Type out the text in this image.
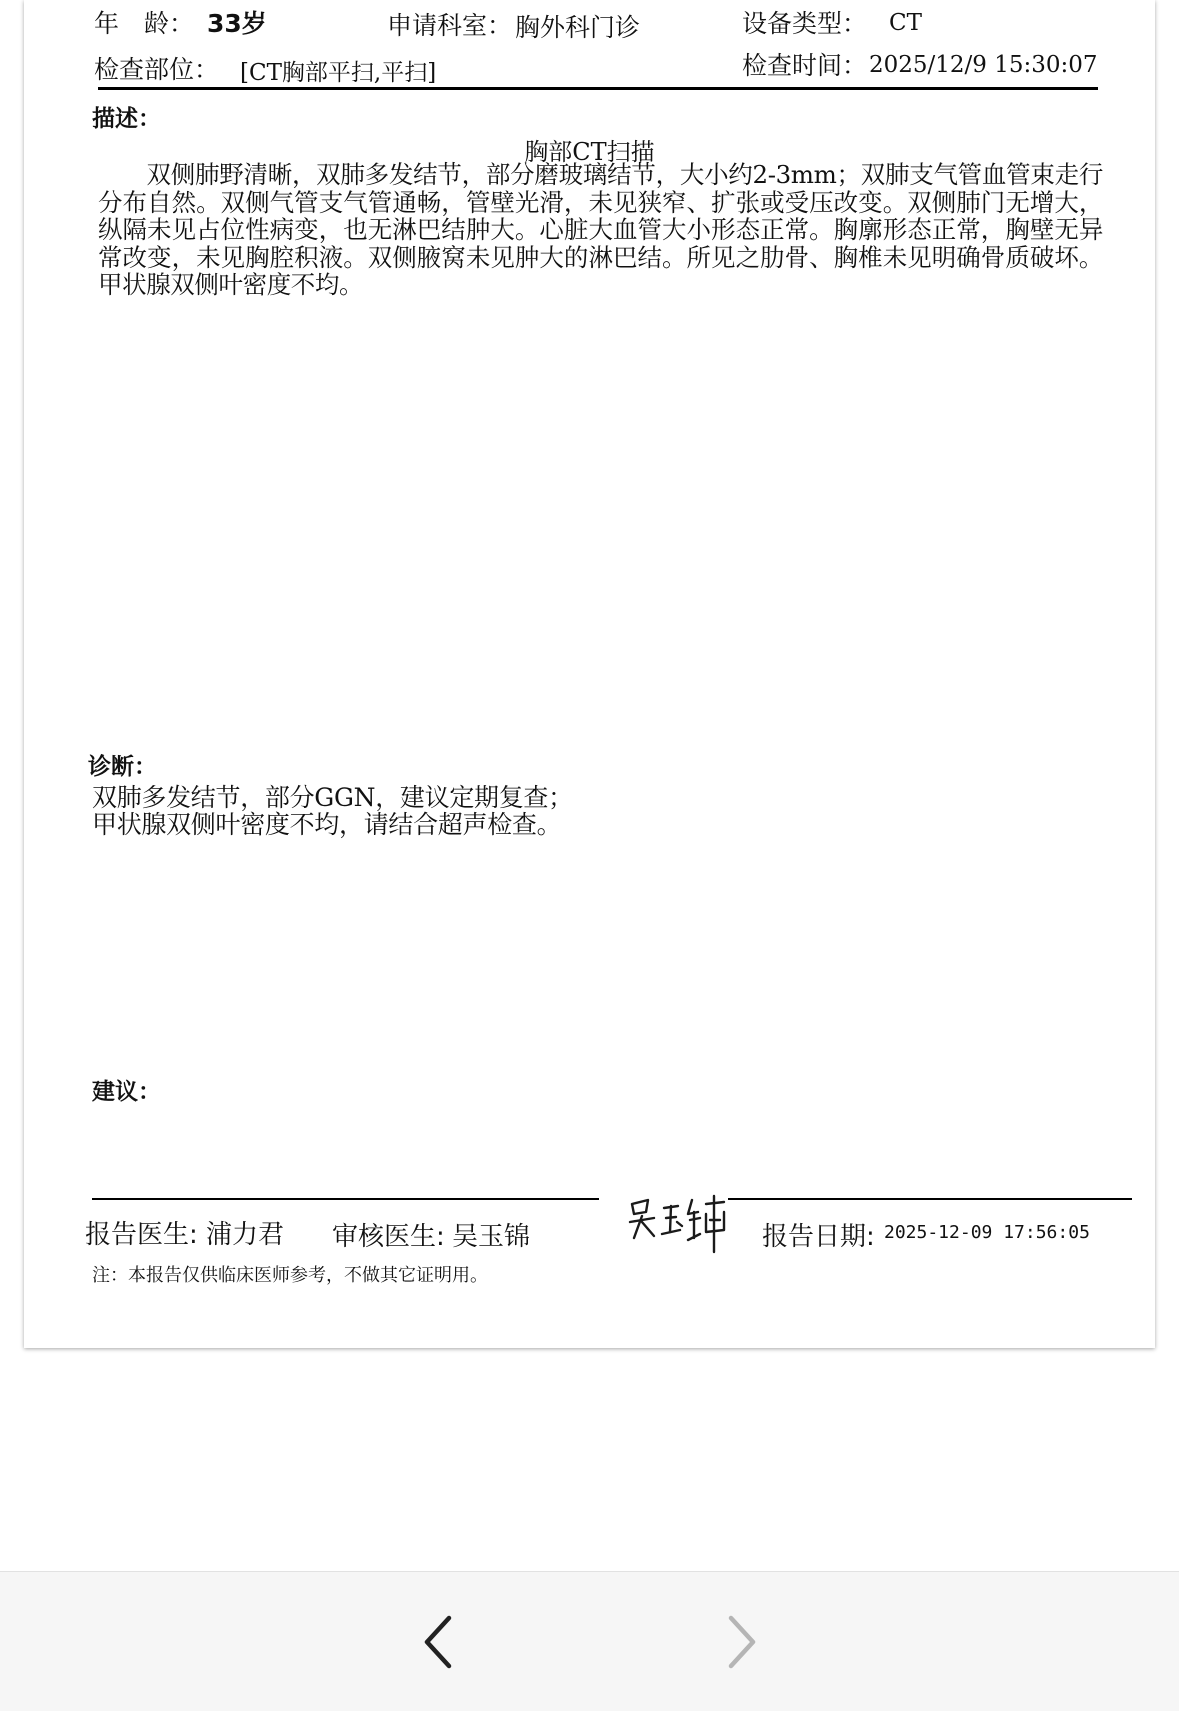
年　龄： 33岁	申请科室： 胸外科门诊	设备类型： CT
检查部位： [CT胸部平扫,平扫]	检查时间： 2025/12/9 15:30:07
描述：
胸部CT扫描
　　双侧肺野清晰，双肺多发结节，部分磨玻璃结节，大小约2-3mm；双肺支气管血管束走行分布自然。双侧气管支气管通畅，管壁光滑，未见狭窄、扩张或受压改变。双侧肺门无增大，纵隔未见占位性病变，也无淋巴结肿大。心脏大血管大小形态正常。胸廓形态正常，胸壁无异常改变，未见胸腔积液。双侧腋窝未见肿大的淋巴结。所见之肋骨、胸椎未见明确骨质破坏。甲状腺双侧叶密度不均。
诊断：
双肺多发结节，部分GGN，建议定期复查；
甲状腺双侧叶密度不均，请结合超声检查。
建议：
报告医生: 浦力君 审核医生: 吴玉锦	报告日期: 2025-12-09 17:56:05
注：本报告仅供临床医师参考，不做其它证明用。
